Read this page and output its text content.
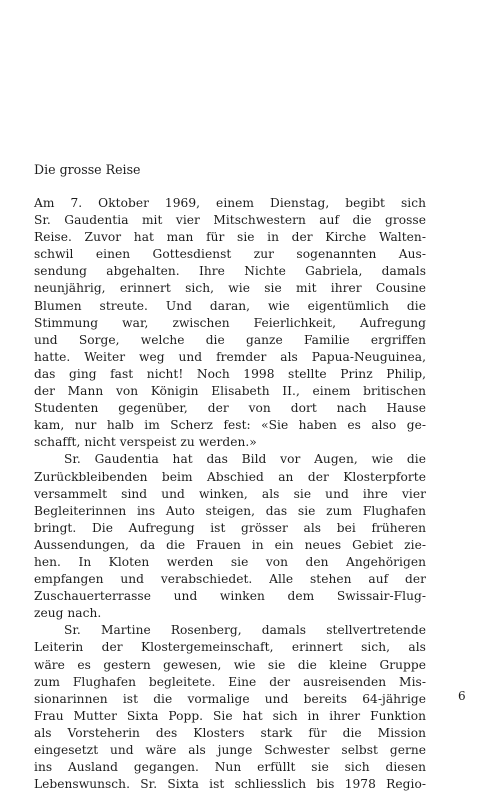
Die grosse Reise
Am 7. Oktober 1969, einem Dienstag, begibt sich
Sr. Gaudentia mit vier Mitschwestern auf die grosse
Reise. Zuvor hat man für sie in der Kirche Walten-
schwil einen Gottesdienst zur sogenannten Aus-
sendung abgehalten. Ihre Nichte Gabriela, damals
neunjährig, erinnert sich, wie sie mit ihrer Cousine
Blumen streute. Und daran, wie eigentümlich die
Stimmung war, zwischen Feierlichkeit, Aufregung
und Sorge, welche die ganze Familie ergriffen
hatte. Weiter weg und fremder als Papua-Neuguinea,
das ging fast nicht! Noch 1998 stellte Prinz Philip,
der Mann von Königin Elisabeth II., einem britischen
Studenten gegenüber, der von dort nach Hause
kam, nur halb im Scherz fest: «Sie haben es also ge-
schafft, nicht verspeist zu werden.»
Sr. Gaudentia hat das Bild vor Augen, wie die
Zurückbleibenden beim Abschied an der Klosterpforte
versammelt sind und winken, als sie und ihre vier
Begleiterinnen ins Auto steigen, das sie zum Flughafen
bringt. Die Aufregung ist grösser als bei früheren
Aussendungen, da die Frauen in ein neues Gebiet zie-
hen. In Kloten werden sie von den Angehörigen
empfangen und verabschiedet. Alle stehen auf der
Zuschauerterrasse und winken dem Swissair-Flug-
zeug nach.
Sr. Martine Rosenberg, damals stellvertretende
Leiterin der Klostergemeinschaft, erinnert sich, als
wäre es gestern gewesen, wie sie die kleine Gruppe
zum Flughafen begleitete. Eine der ausreisenden Mis-
sionarinnen ist die vormalige und bereits 64-jährige
Frau Mutter Sixta Popp. Sie hat sich in ihrer Funktion
als Vorsteherin des Klosters stark für die Mission
eingesetzt und wäre als junge Schwester selbst gerne
ins Ausland gegangen. Nun erfüllt sie sich diesen
Lebenswunsch. Sr. Sixta ist schliesslich bis 1978 Regio-
6
